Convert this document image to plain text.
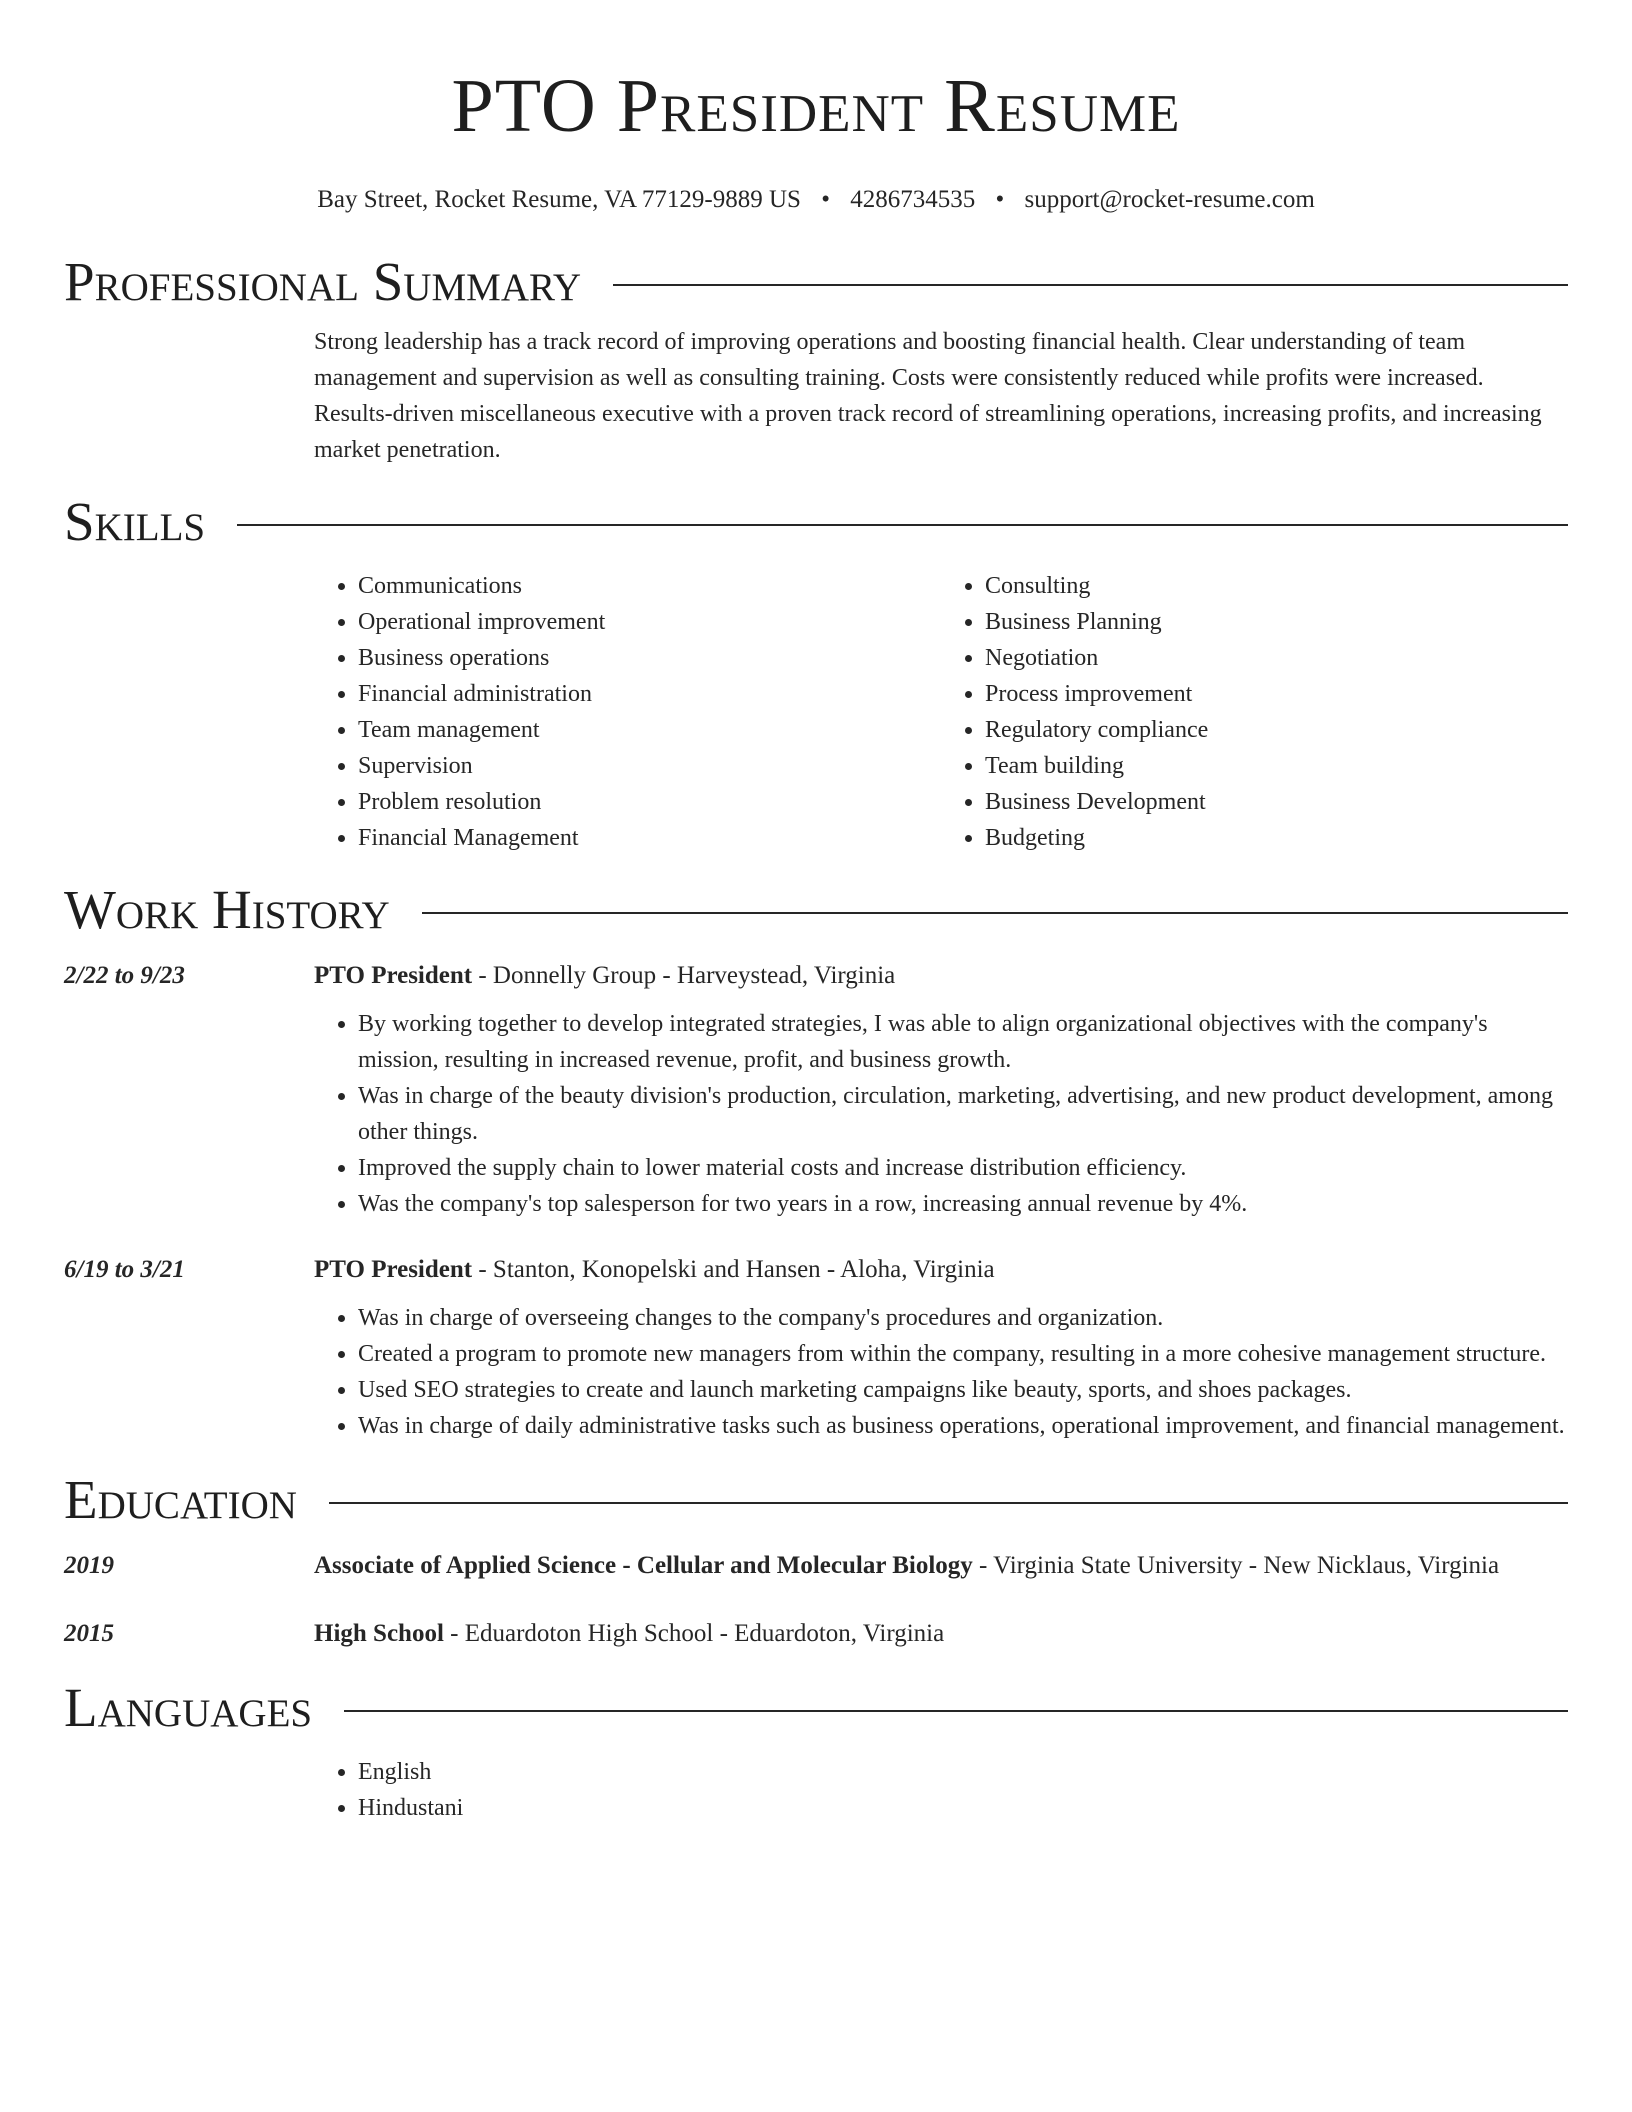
PTO President Resume
Bay Street, Rocket Resume, VA 77129-9889 US • 4286734535 • support@rocket-resume.com
Professional Summary
Strong leadership has a track record of improving operations and boosting financial health. Clear understanding of team management and supervision as well as consulting training. Costs were consistently reduced while profits were increased. Results-driven miscellaneous executive with a proven track record of streamlining operations, increasing profits, and increasing market penetration.
Skills
• Communications
• Operational improvement
• Business operations
• Financial administration
• Team management
• Supervision
• Problem resolution
• Financial Management
• Consulting
• Business Planning
• Negotiation
• Process improvement
• Regulatory compliance
• Team building
• Business Development
• Budgeting
Work History
2/22 to 9/23	PTO President - Donnelly Group - Harveystead, Virginia
• By working together to develop integrated strategies, I was able to align organizational objectives with the company's mission, resulting in increased revenue, profit, and business growth.
• Was in charge of the beauty division's production, circulation, marketing, advertising, and new product development, among other things.
• Improved the supply chain to lower material costs and increase distribution efficiency.
• Was the company's top salesperson for two years in a row, increasing annual revenue by 4%.
6/19 to 3/21	PTO President - Stanton, Konopelski and Hansen - Aloha, Virginia
• Was in charge of overseeing changes to the company's procedures and organization.
• Created a program to promote new managers from within the company, resulting in a more cohesive management structure.
• Used SEO strategies to create and launch marketing campaigns like beauty, sports, and shoes packages.
• Was in charge of daily administrative tasks such as business operations, operational improvement, and financial management.
Education
2019	Associate of Applied Science - Cellular and Molecular Biology - Virginia State University - New Nicklaus, Virginia
2015	High School - Eduardoton High School - Eduardoton, Virginia
Languages
• English
• Hindustani
